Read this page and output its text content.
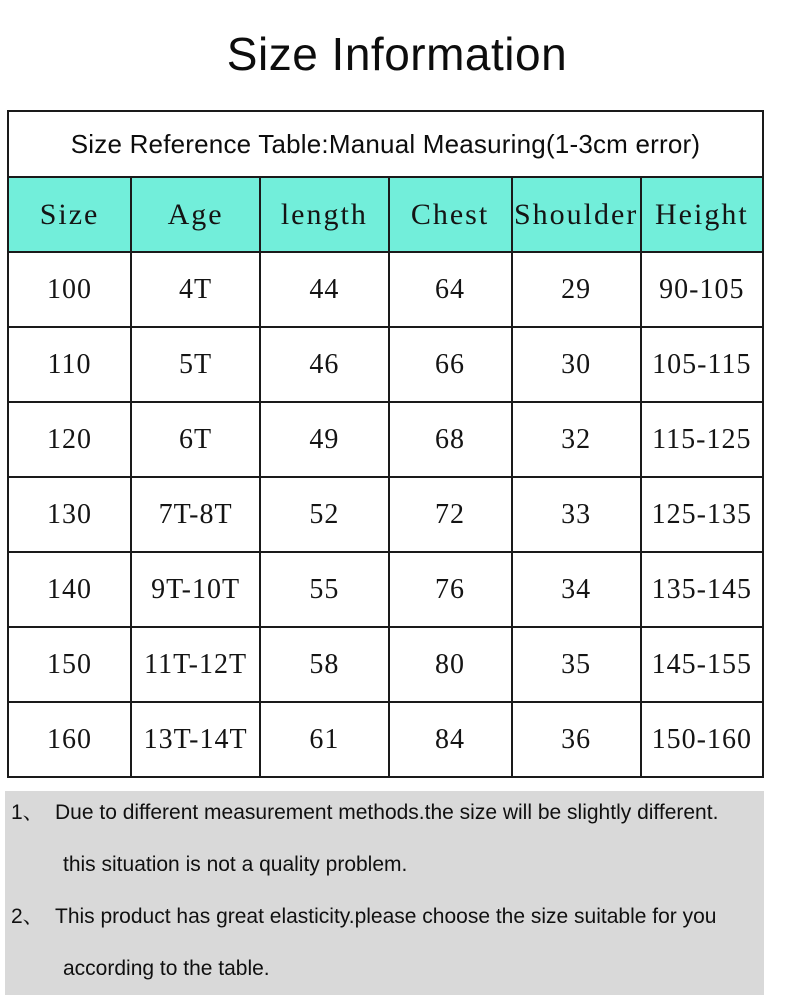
Size Information
Size Reference Table:Manual Measuring(1-3cm error)					
Size	Age	length	Chest	Shoulder	Height
100	4T	44	64	29	90-105
110	5T	46	66	30	105-115
120	6T	49	68	32	115-125
130	7T-8T	52	72	33	125-135
140	9T-10T	55	76	34	135-145
150	11T-12T	58	80	35	145-155
160	13T-14T	61	84	36	150-160
1、 Due to different measurement methods.the size will be slightly different.
this situation is not a quality problem.
2、 This product has great elasticity.please choose the size suitable for you
according to the table.
